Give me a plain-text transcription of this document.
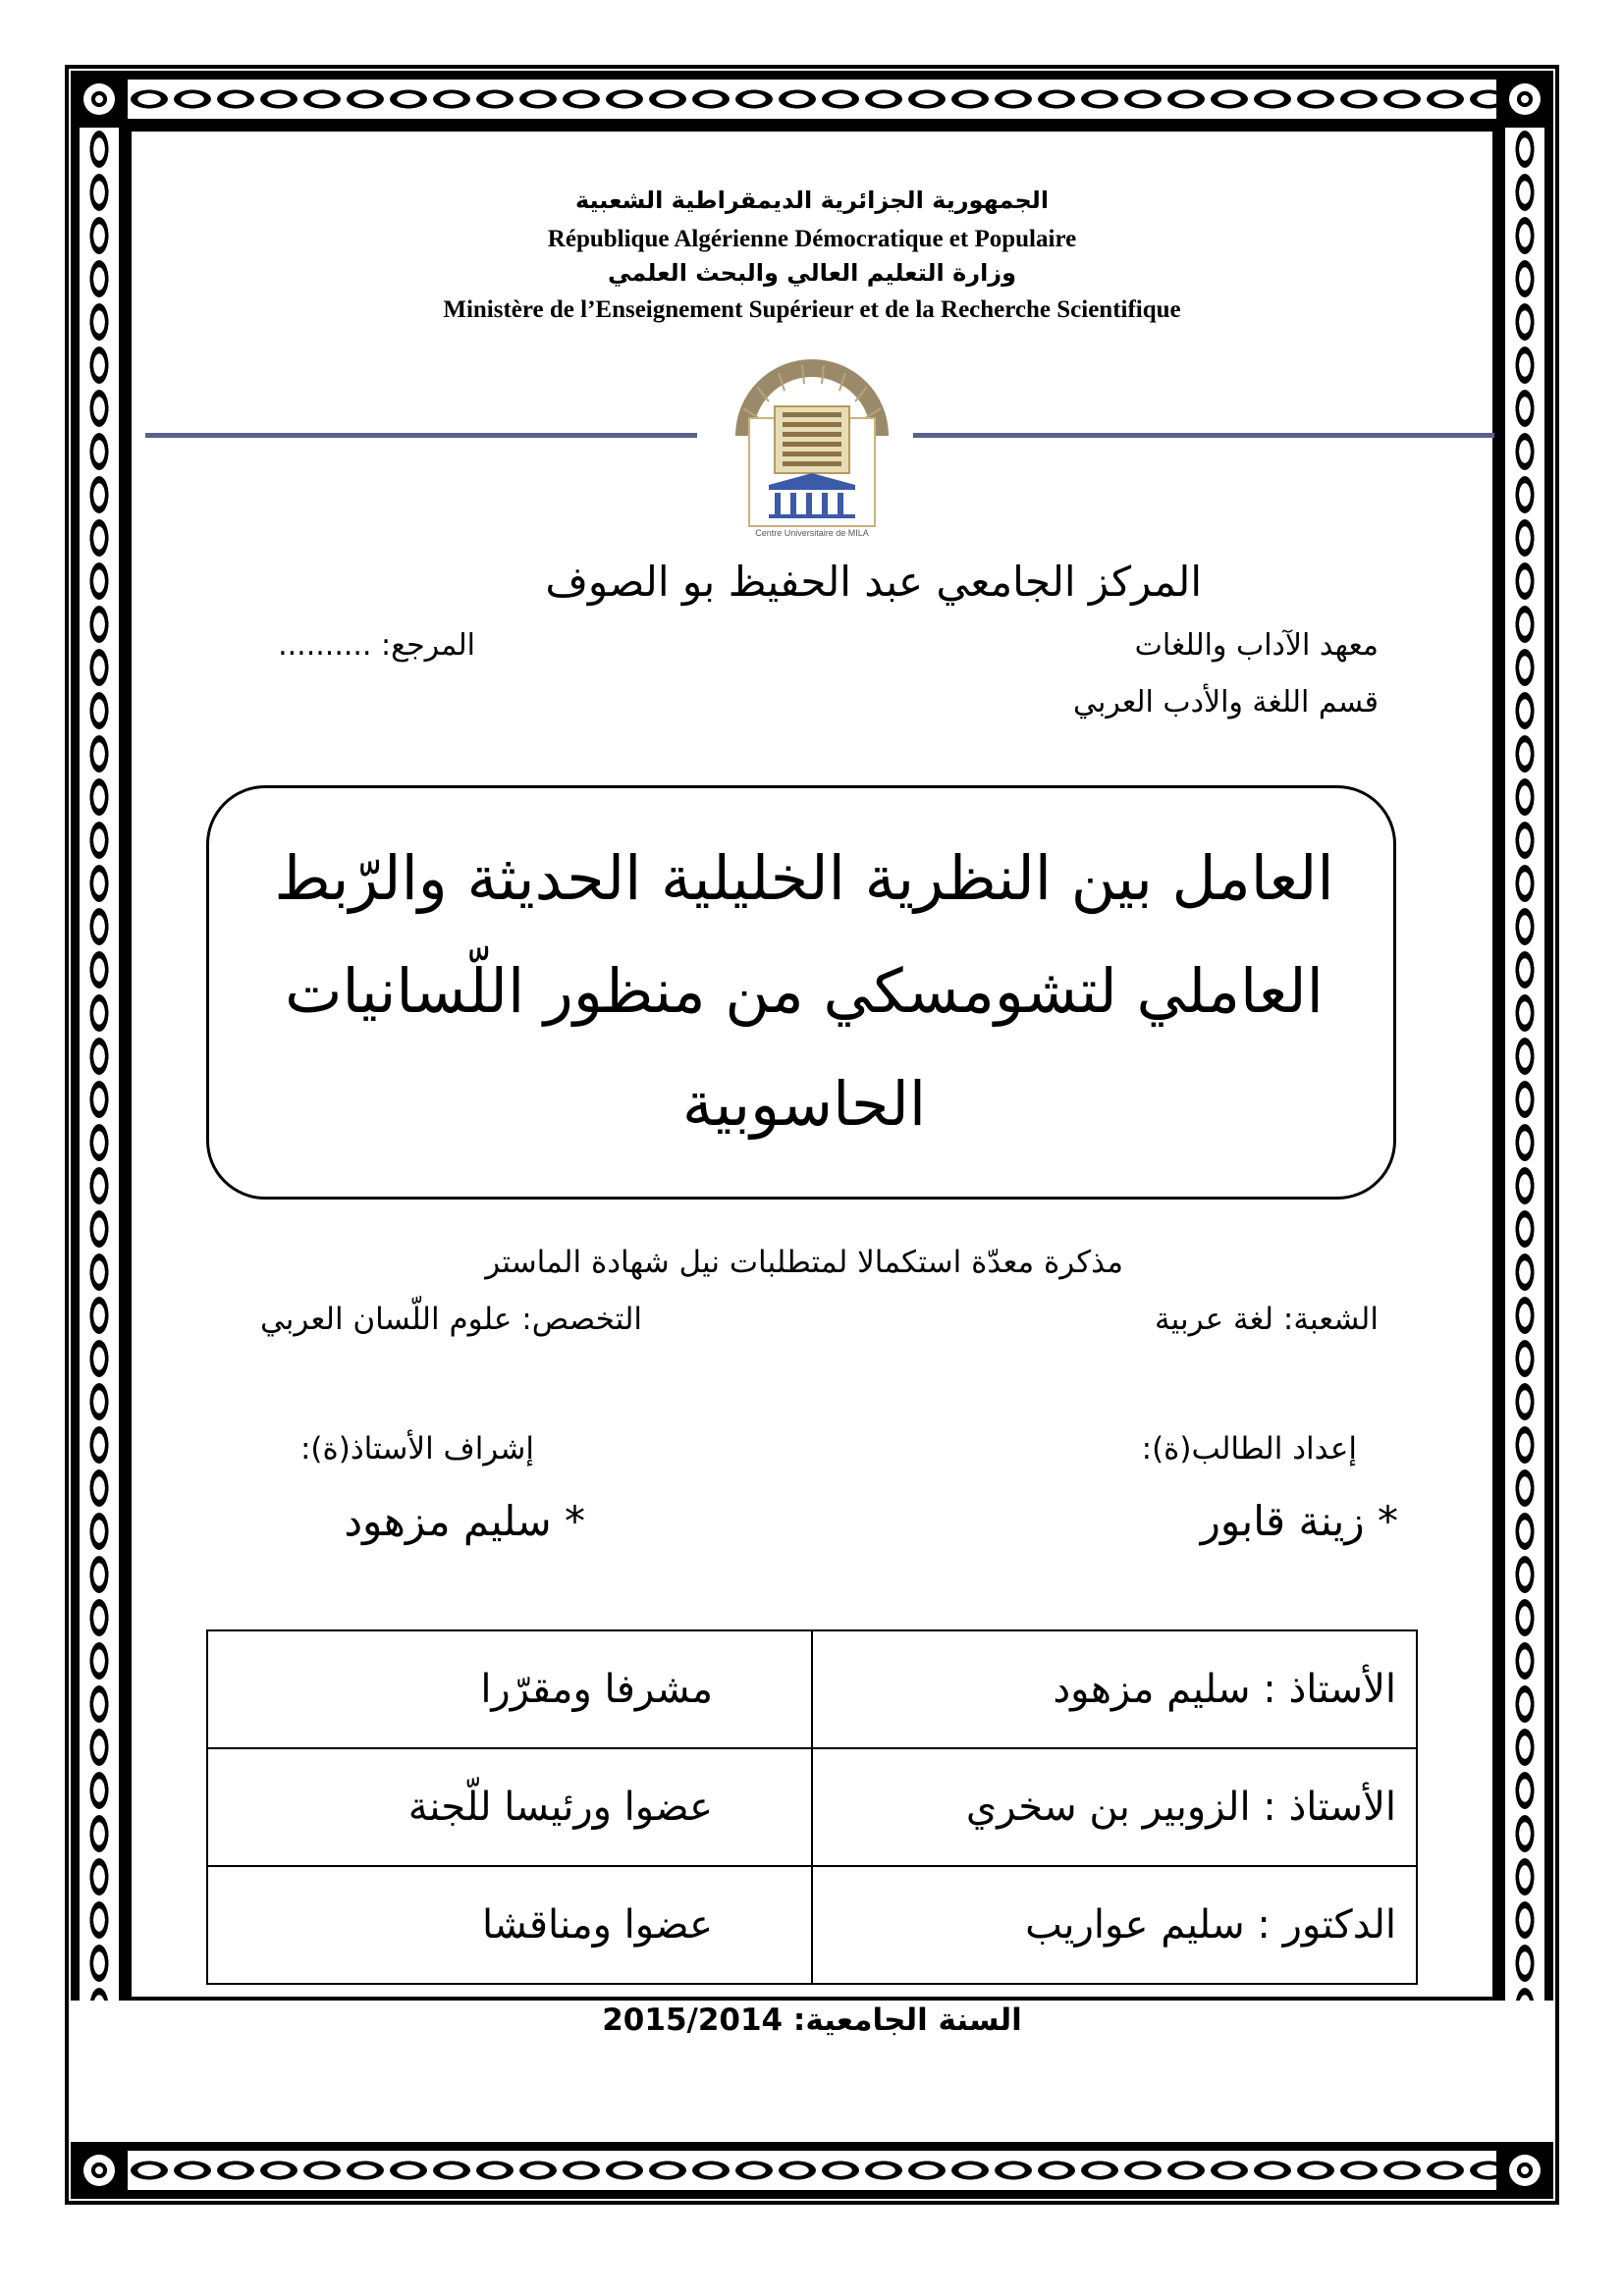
الجمهورية الجزائرية الديمقراطية الشعبية
République Algérienne Démocratique et Populaire
وزارة التعليم العالي والبحث العلمي
Ministère de l’Enseignement Supérieur et de la Recherche Scientifique
Centre Universitaire de MILA
المركز الجامعي عبد الحفيظ بو الصوف
معهد الآداب واللغات
المرجع: ..........
قسم اللغة والأدب العربي
العامل بين النظرية الخليلية الحديثة والرّبط
العاملي لتشومسكي من منظور اللّسانيات
الحاسوبية
مذكرة معدّة استكمالا لمتطلبات نيل شهادة الماستر
الشعبة: لغة عربية
التخصص: علوم اللّسان العربي
إعداد الطالب(ة):
إشراف الأستاذ(ة):
* زينة قابور
* سليم مزهود
الأستاذ : سليم مزهود	مشرفا ومقرّرا
الأستاذ : الزوبير بن سخري	عضوا ورئيسا للّجنة
الدكتور : سليم عواريب	عضوا ومناقشا
السنة الجامعية: 2015/2014
